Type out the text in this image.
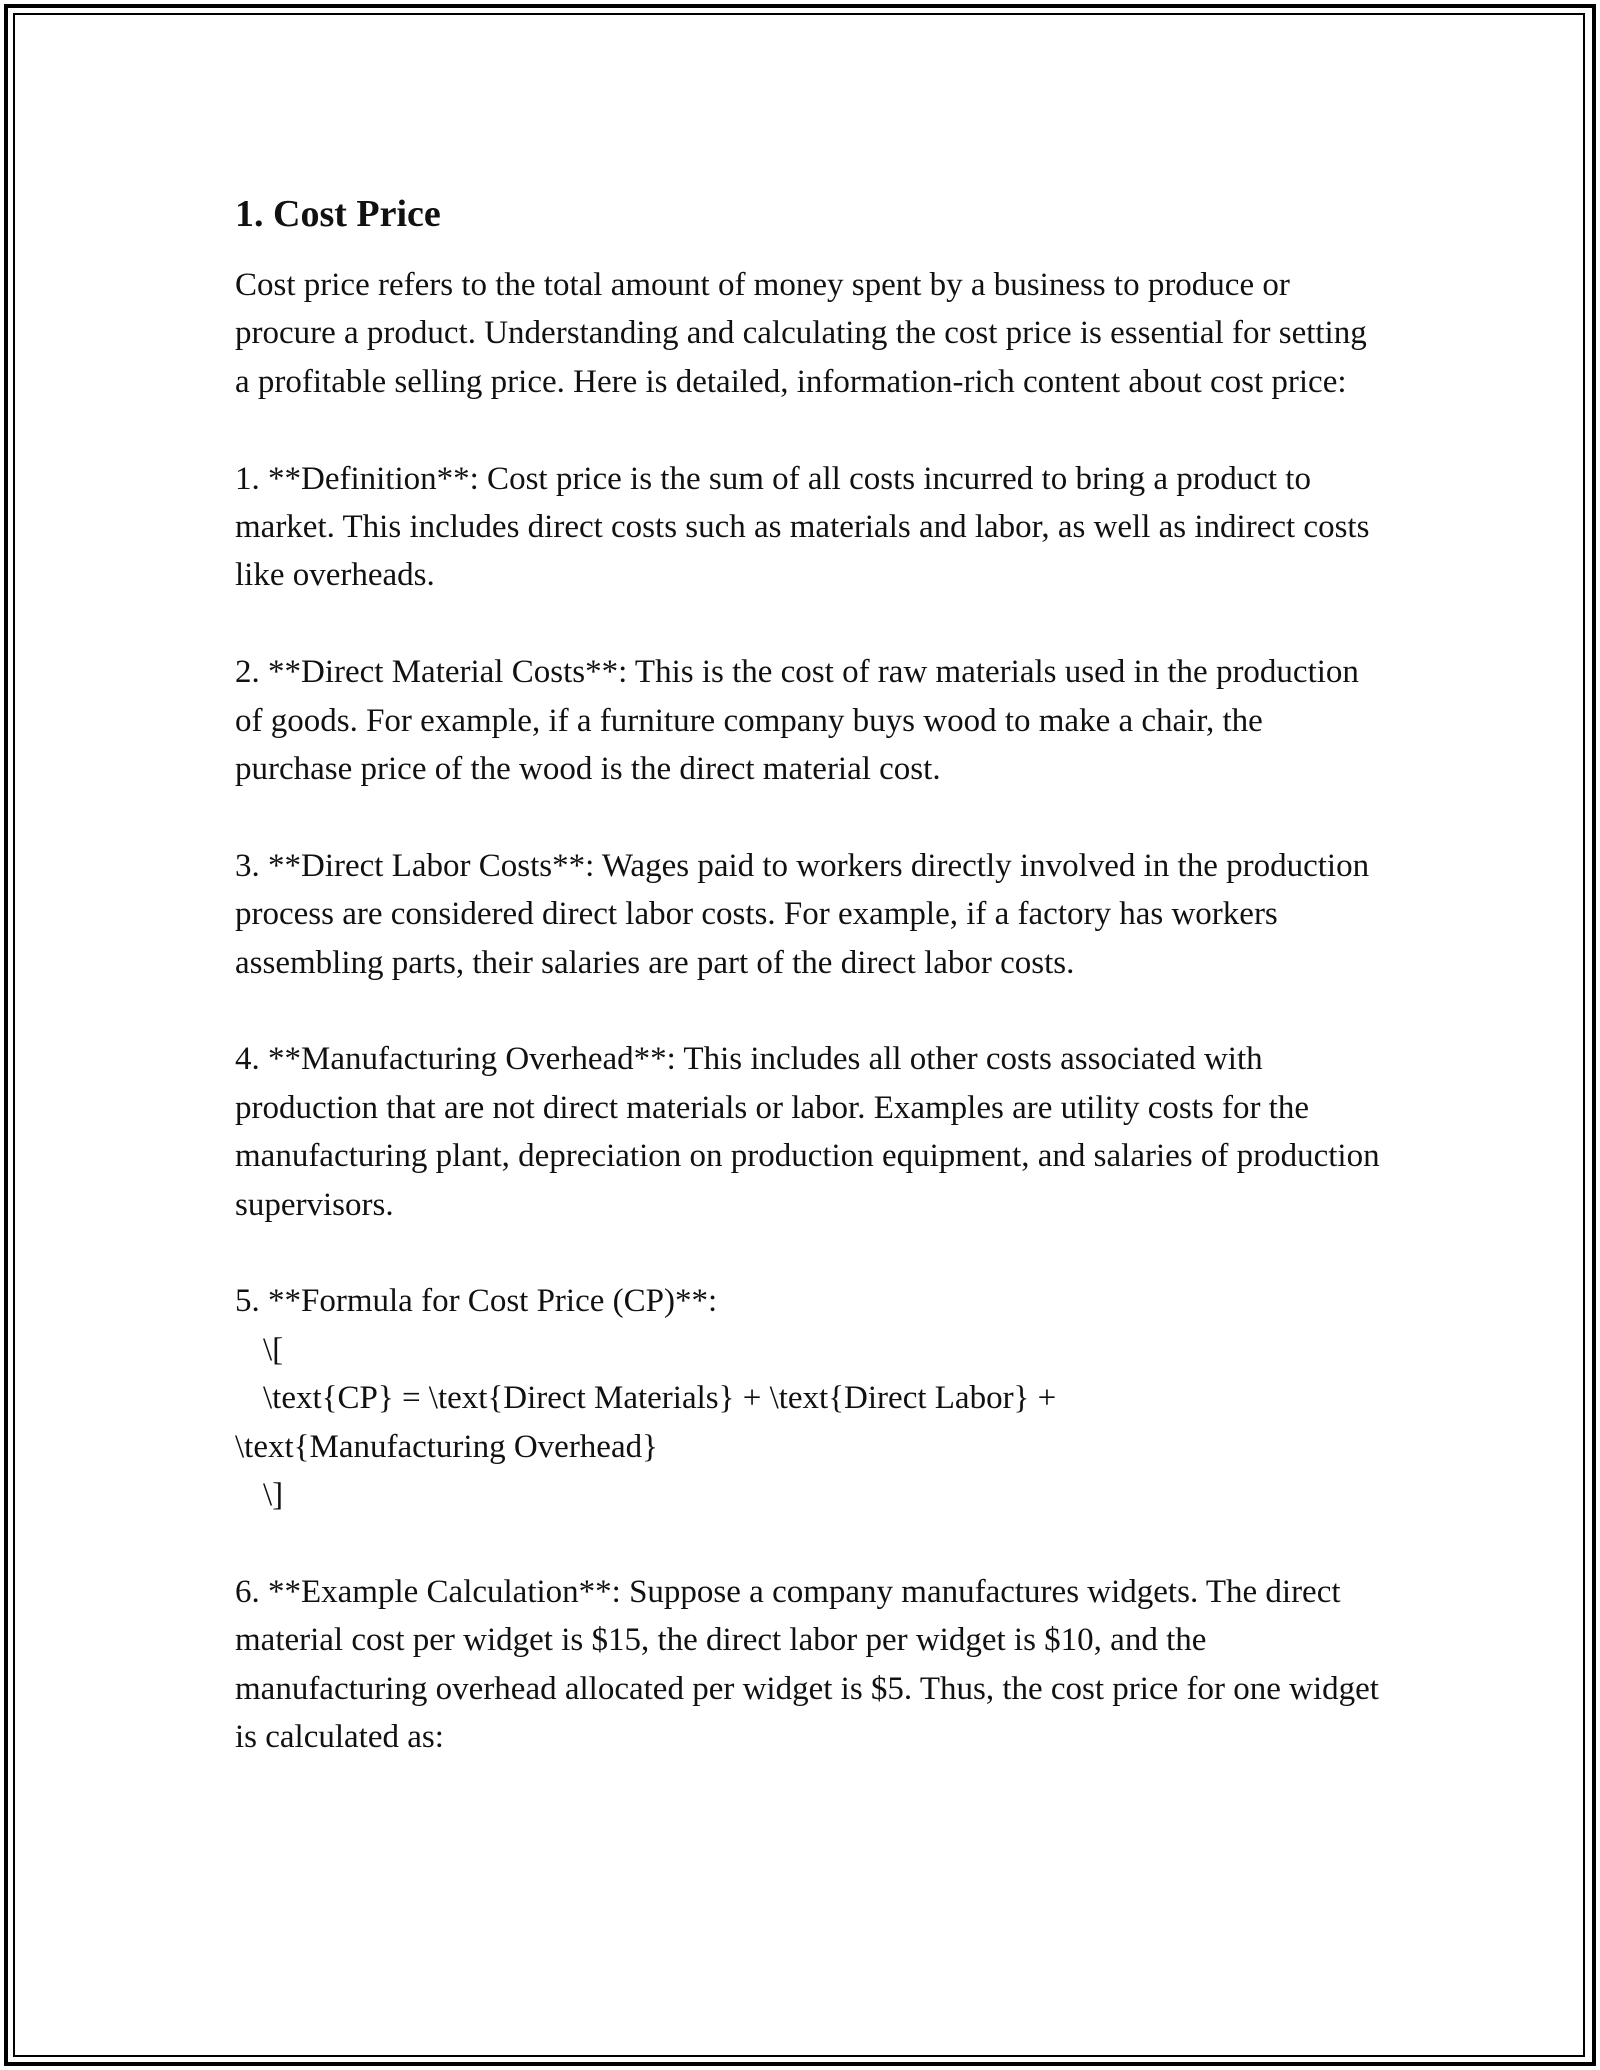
1. Cost Price

Cost price refers to the total amount of money spent by a business to produce or procure a product. Understanding and calculating the cost price is essential for setting a profitable selling price. Here is detailed, information-rich content about cost price:

1. **Definition**: Cost price is the sum of all costs incurred to bring a product to market. This includes direct costs such as materials and labor, as well as indirect costs like overheads.

2. **Direct Material Costs**: This is the cost of raw materials used in the production of goods. For example, if a furniture company buys wood to make a chair, the purchase price of the wood is the direct material cost.

3. **Direct Labor Costs**: Wages paid to workers directly involved in the production process are considered direct labor costs. For example, if a factory has workers assembling parts, their salaries are part of the direct labor costs.

4. **Manufacturing Overhead**: This includes all other costs associated with production that are not direct materials or labor. Examples are utility costs for the manufacturing plant, depreciation on production equipment, and salaries of production supervisors.

5. **Formula for Cost Price (CP)**:
\[
\text{CP} = \text{Direct Materials} + \text{Direct Labor} +
\text{Manufacturing Overhead}
\]

6. **Example Calculation**: Suppose a company manufactures widgets. The direct material cost per widget is $15, the direct labor per widget is $10, and the manufacturing overhead allocated per widget is $5. Thus, the cost price for one widget is calculated as:
